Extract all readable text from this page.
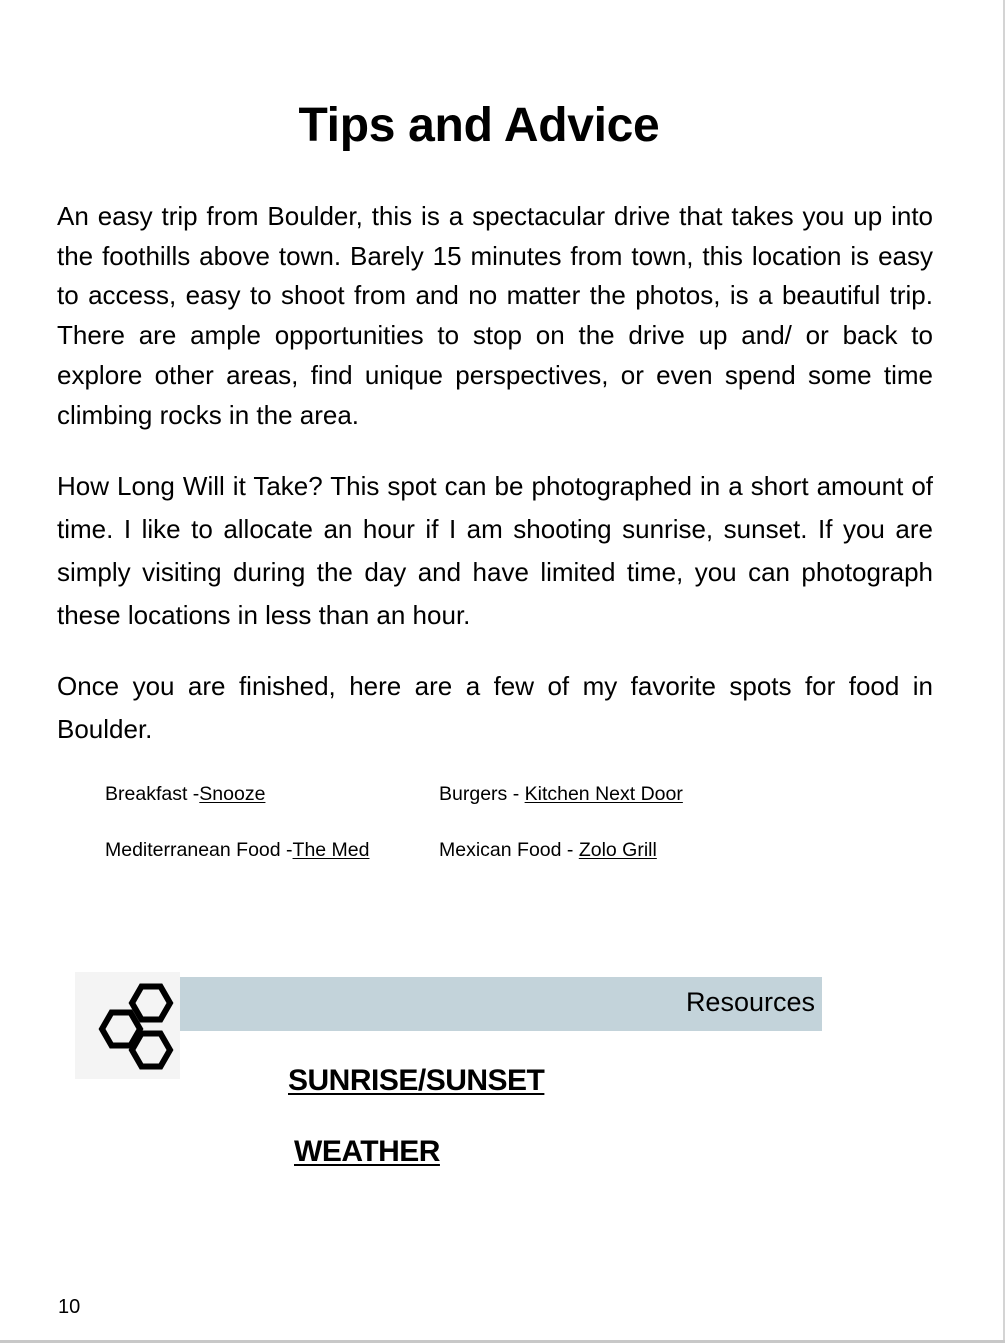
Tips and Advice

An easy trip from Boulder, this is a spectacular drive that takes you up into the foothills above town. Barely 15 minutes from town, this location is easy to access, easy to shoot from and no matter the photos, is a beautiful trip. There are ample opportunities to stop on the drive up and/ or back to explore other areas, find unique perspectives, or even spend some time climbing rocks in the area.

How Long Will it Take? This spot can be photographed in a short amount of time. I like to allocate an hour if I am shooting sunrise, sunset. If you are simply visiting during the day and have limited time, you can photograph these locations in less than an hour.

Once you are finished, here are a few of my favorite spots for food in Boulder.

Breakfast -Snooze	Burgers - Kitchen Next Door
Mediterranean Food -The Med	Mexican Food - Zolo Grill
Resources
SUNRISE/SUNSET
WEATHER
10
